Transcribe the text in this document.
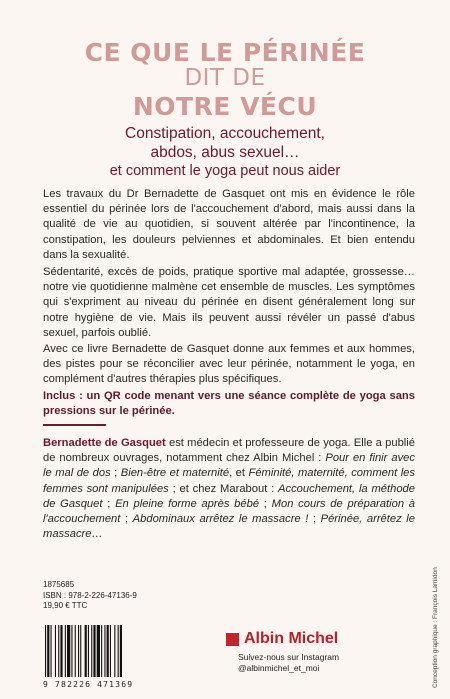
CE QUE LE PÉRINÉE
DIT DE
NOTRE VÉCU
Constipation, accouchement,
abdos, abus sexuel…
et comment le yoga peut nous aider
Les travaux du Dr Bernadette de Gasquet ont mis en évidence le rôle essentiel du périnée lors de l'accouchement d'abord, mais aussi dans la qualité de vie au quotidien, si souvent altérée par l'incontinence, la constipation, les douleurs pelviennes et abdominales. Et bien entendu dans la sexualité.
Sédentarité, excès de poids, pratique sportive mal adaptée, grossesse… notre vie quotidienne malmène cet ensemble de muscles. Les symptômes qui s'expriment au niveau du périnée en disent généralement long sur notre hygiène de vie. Mais ils peuvent aussi révéler un passé d'abus sexuel, parfois oublié.
Avec ce livre Bernadette de Gasquet donne aux femmes et aux hommes, des pistes pour se réconcilier avec leur périnée, notamment le yoga, en complément d'autres thérapies plus spécifiques.
Inclus : un QR code menant vers une séance complète de yoga sans pressions sur le périnée.
Bernadette de Gasquet est médecin et professeure de yoga. Elle a publié de nombreux ouvrages, notamment chez Albin Michel : Pour en finir avec le mal de dos ; Bien-être et maternité, et Féminité, maternité, comment les femmes sont manipulées ; et chez Marabout : Accouchement, la méthode de Gasquet ; En pleine forme après bébé ; Mon cours de préparation à l'accouchement ; Abdominaux arrêtez le massacre ! ; Périnée, arrêtez le massacre…
1875685
ISBN : 978-2-226-47136-9
19,90 € TTC
9 782226 471369
Albin Michel
Suivez-nous sur Instagram
@albinmichel_et_moi	Conception graphique : François Lamidon
